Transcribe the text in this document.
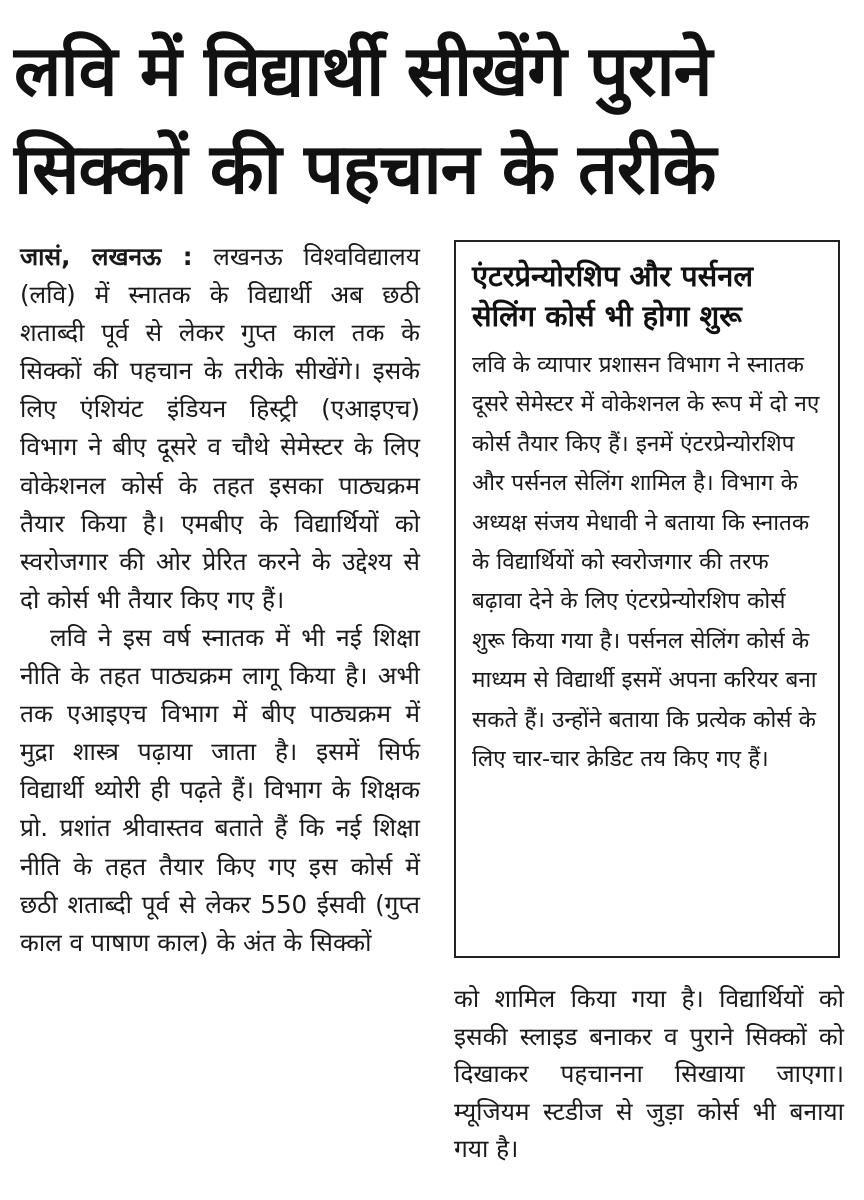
लवि में विद्यार्थी सीखेंगे पुराने
सिक्कों की पहचान के तरीके

जासं, लखनऊ : लखनऊ विश्वविद्यालय (लवि) में स्नातक के विद्यार्थी अब छठी शताब्दी पूर्व से लेकर गुप्त काल तक के सिक्कों की पहचान के तरीके सीखेंगे। इसके लिए एंशियंट इंडियन हिस्ट्री (एआइएच) विभाग ने बीए दूसरे व चौथे सेमेस्टर के लिए वोकेशनल कोर्स के तहत इसका पाठ्यक्रम तैयार किया है। एमबीए के विद्यार्थियों को स्वरोजगार की ओर प्रेरित करने के उद्देश्य से दो कोर्स भी तैयार किए गए हैं।

लवि ने इस वर्ष स्नातक में भी नई शिक्षा नीति के तहत पाठ्यक्रम लागू किया है। अभी तक एआइएच विभाग में बीए पाठ्यक्रम में मुद्रा शास्त्र पढ़ाया जाता है। इसमें सिर्फ विद्यार्थी थ्योरी ही पढ़ते हैं। विभाग के शिक्षक प्रो. प्रशांत श्रीवास्तव बताते हैं कि नई शिक्षा नीति के तहत तैयार किए गए इस कोर्स में छठी शताब्दी पूर्व से लेकर 550 ईसवी (गुप्त काल व पाषाण काल) के अंत के सिक्कों

एंटरप्रेन्योरशिप और पर्सनल
सेलिंग कोर्स भी होगा शुरू

लवि के व्यापार प्रशासन विभाग ने स्नातक दूसरे सेमेस्टर में वोकेशनल के रूप में दो नए कोर्स तैयार किए हैं। इनमें एंटरप्रेन्योरशिप और पर्सनल सेलिंग शामिल है। विभाग के अध्यक्ष संजय मेधावी ने बताया कि स्नातक के विद्यार्थियों को स्वरोजगार की तरफ बढ़ावा देने के लिए एंटरप्रेन्योरशिप कोर्स शुरू किया गया है। पर्सनल सेलिंग कोर्स के माध्यम से विद्यार्थी इसमें अपना करियर बना सकते हैं। उन्होंने बताया कि प्रत्येक कोर्स के लिए चार-चार क्रेडिट तय किए गए हैं।

को शामिल किया गया है। विद्यार्थियों को इसकी स्लाइड बनाकर व पुराने सिक्कों को दिखाकर पहचानना सिखाया जाएगा। म्यूजियम स्टडीज से जुड़ा कोर्स भी बनाया गया है।
